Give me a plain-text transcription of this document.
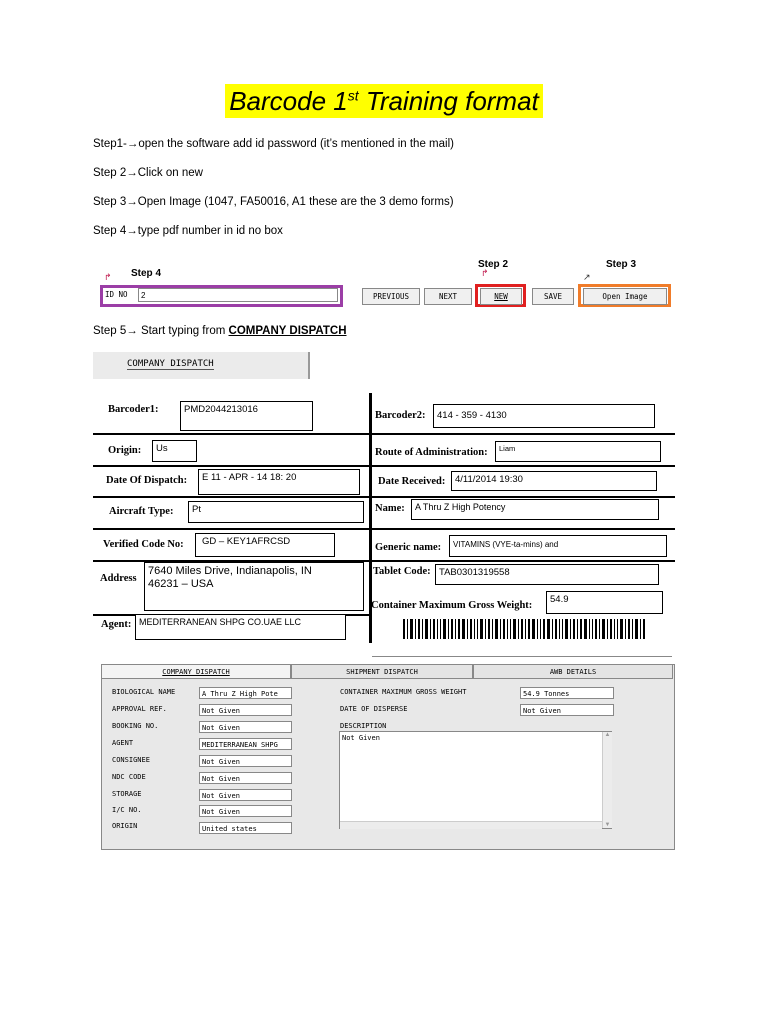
Barcode 1st Training format
Step1-→open the software add id password (it’s mentioned in the mail)
Step 2→Click on new
Step 3→Open Image (1047, FA50016, A1 these are the 3 demo forms)
Step 4→type pdf number in id no box
Step 4
↱
Step 2
↱
Step 3
↗
ID NO	2	PREVIOUS	NEXT	NEW	SAVE	Open Image
Step 5→ Start typing from COMPANY DISPATCH
COMPANY DISPATCH
Barcoder1:	PMD2044213016
Barcoder2:	414 - 359 - 4130
Origin:	Us	Route of Administration:	Liam
Date Of Dispatch:	E 11 - APR - 14 18: 20	Date Received:	4/11/2014 19:30
Aircraft Type:	Pt	Name:	A Thru Z High Potency
Verified Code No:	GD – KEY1AFRCSD
Generic name:	VITAMINS (VYE-ta-mins) and
Address
7640 Miles Drive, Indianapolis, IN
46231 – USA
Tablet Code: TAB0301319558
Container Maximum Gross Weight:
54.9
Agent: MEDITERRANEAN SHPG CO.UAE LLC
COMPANY DISPATCH	SHIPMENT DISPATCH	AWB DETAILS
BIOLOGICAL NAME	A Thru Z High Pote
APPROVAL REF.	Not Given
BOOKING NO.	Not Given
AGENT	MEDITERRANEAN SHPG
CONSIGNEE	Not Given
NDC CODE	Not Given
STORAGE	Not Given
I/C NO.	Not Given
ORIGIN	United states
CONTAINER MAXIMUM GROSS WEIGHT	54.9 Tonnes
DATE OF DISPERSE	Not Given
DESCRIPTION
Not Given	▲
▼
